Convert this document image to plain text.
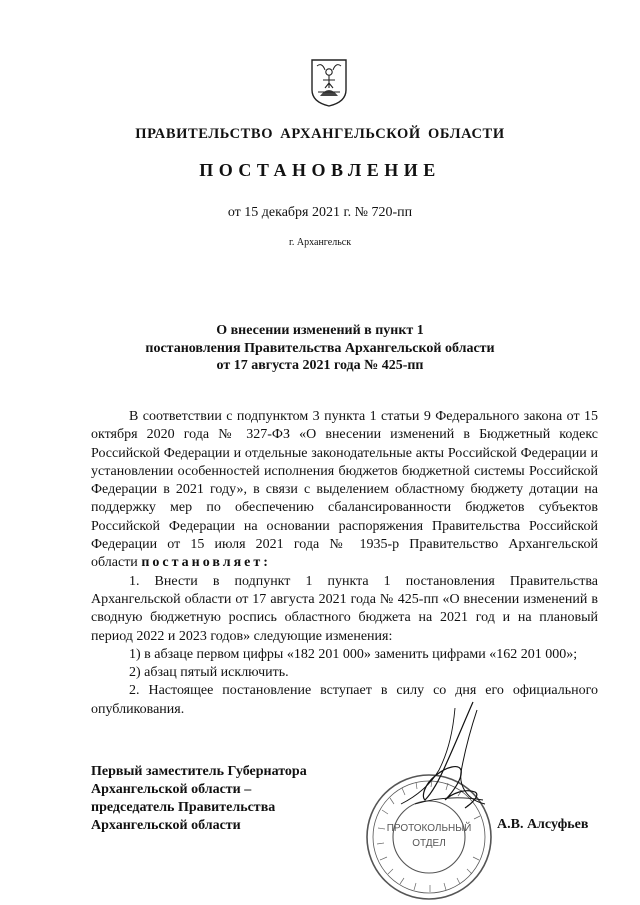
ПРАВИТЕЛЬСТВО АРХАНГЕЛЬСКОЙ ОБЛАСТИ
ПОСТАНОВЛЕНИЕ
от 15 декабря 2021 г. № 720-пп
г. Архангельск
О внесении изменений в пункт 1
постановления Правительства Архангельской области
от 17 августа 2021 года № 425-пп

В соответствии с подпунктом 3 пункта 1 статьи 9 Федерального закона от 15 октября 2020 года № 327-ФЗ «О внесении изменений в Бюджетный кодекс Российской Федерации и отдельные законодательные акты Российской Федерации и установлении особенностей исполнения бюджетов бюджетной системы Российской Федерации в 2021 году», в связи с выделением областному бюджету дотации на поддержку мер по обеспечению сбалансированности бюджетов субъектов Российской Федерации на основании распоряжения Правительства Российской Федерации от 15 июля 2021 года № 1935-р Правительство Архангельской области постановляет:

1. Внести в подпункт 1 пункта 1 постановления Правительства Архангельской области от 17 августа 2021 года № 425-пп «О внесении изменений в сводную бюджетную роспись областного бюджета на 2021 год и на плановый период 2022 и 2023 годов» следующие изменения:

1) в абзаце первом цифры «182 201 000» заменить цифрами «162 201 000»;

2) абзац пятый исключить.

2. Настоящее постановление вступает в силу со дня его официального опубликования.

ПРОТОКОЛЬНЫЙ
ОТДЕЛ
Первый заместитель Губернатора
Архангельской области –
председатель Правительства
Архангельской области	А.В. Алсуфьев
